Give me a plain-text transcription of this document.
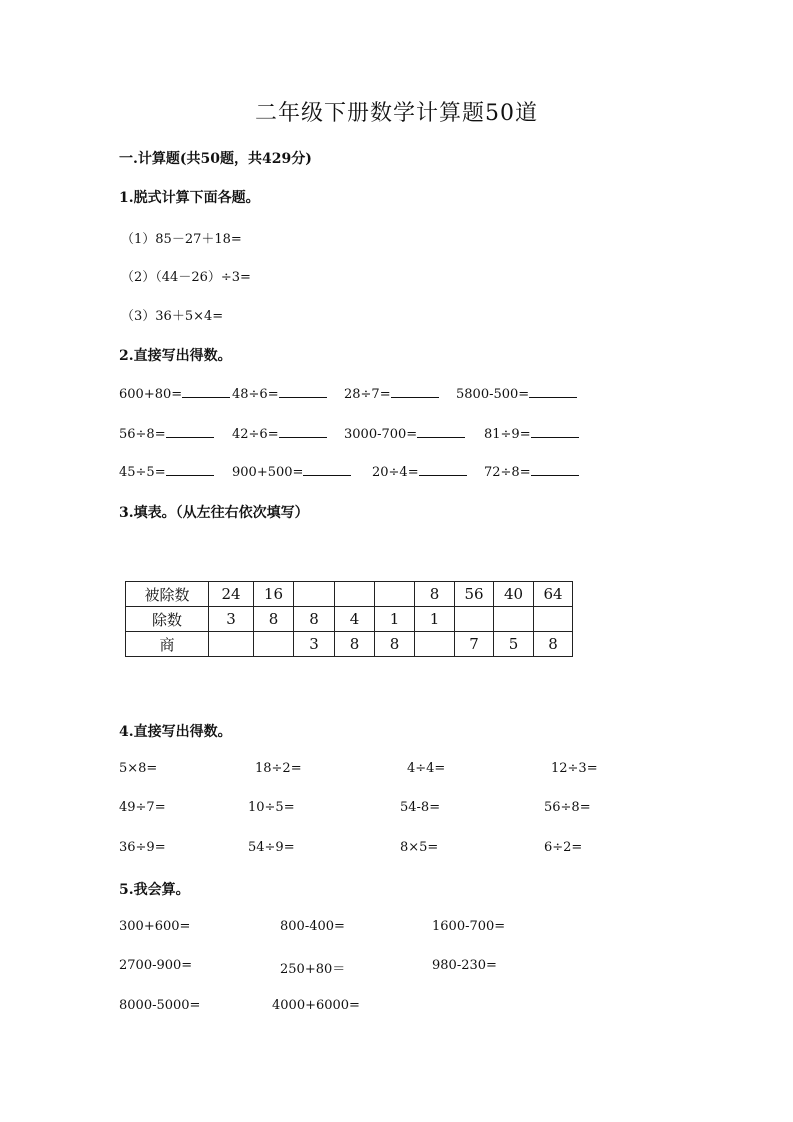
二年级下册数学计算题50道
一.计算题(共50题，共429分)
1.脱式计算下面各题。
（1）85－27＋18=
（2）（44－26）÷3=
（3）36＋5×4=
2.直接写出得数。
600+80=	48÷6=	28÷7=	5800-500=
56÷8=	42÷6=	3000-700=	81÷9=
45÷5=	900+500=	20÷4=	72÷8=
3.填表。（从左往右依次填写）
被除数	24	16				8	56	40	64
除数	3	8	8	4	1	1			
商			3	8	8		7	5	8
4.直接写出得数。
5×8=	18÷2=	4÷4=	12÷3=
49÷7=	10÷5=	54-8=	56÷8=
36÷9=	54÷9=	8×5=	6÷2=
5.我会算。
300+600=	800-400=	1600-700=
2700-900=	250+80＝	980-230=
8000-5000=	4000+6000=
